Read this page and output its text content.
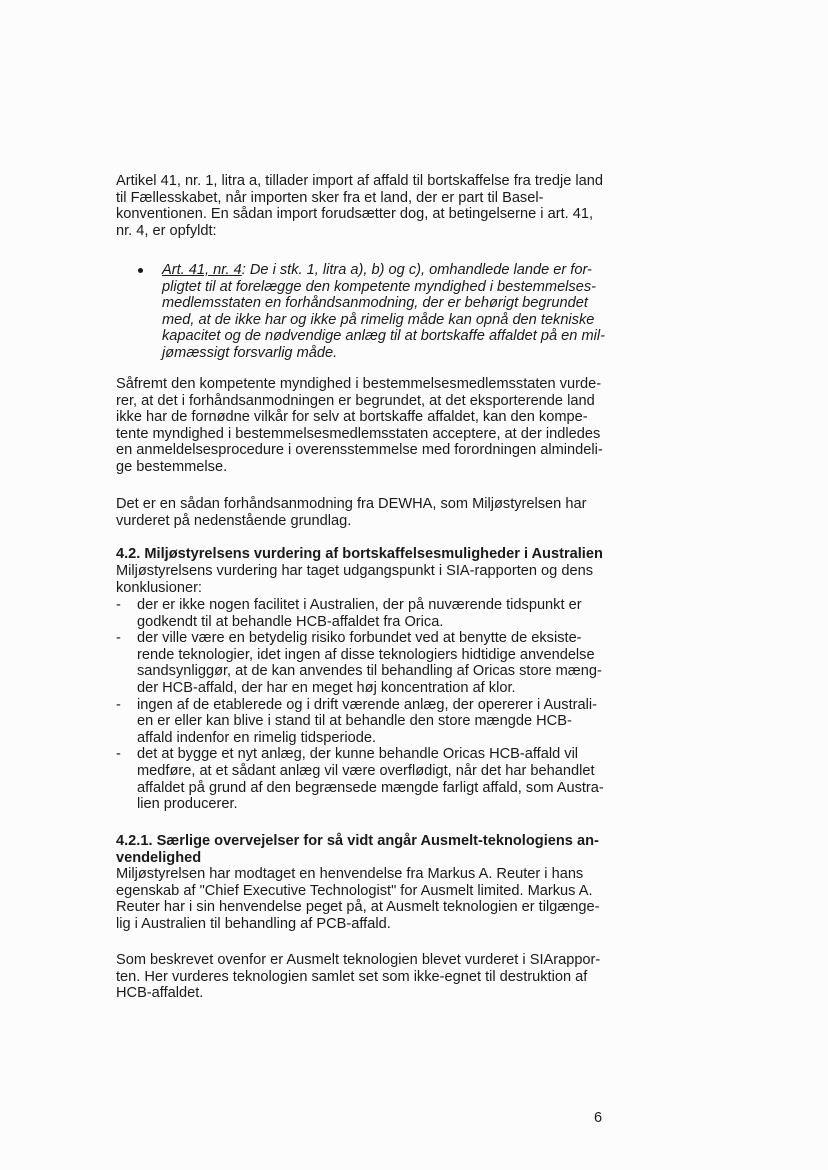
Artikel 41, nr. 1, litra a, tillader import af affald til bortskaffelse fra tredje land
til Fællesskabet, når importen sker fra et land, der er part til Basel-
konventionen. En sådan import forudsætter dog, at betingelserne i art. 41,
nr. 4, er opfyldt:

Art. 41, nr. 4: De i stk. 1, litra a), b) og c), omhandlede lande er for-
pligtet til at forelægge den kompetente myndighed i bestemmelses-
medlemsstaten en forhåndsanmodning, der er behørigt begrundet
med, at de ikke har og ikke på rimelig måde kan opnå den tekniske
kapacitet og de nødvendige anlæg til at bortskaffe affaldet på en mil-
jømæssigt forsvarlig måde.

Såfremt den kompetente myndighed i bestemmelsesmedlemsstaten vurde-
rer, at det i forhåndsanmodningen er begrundet, at det eksporterende land
ikke har de fornødne vilkår for selv at bortskaffe affaldet, kan den kompe-
tente myndighed i bestemmelsesmedlemsstaten acceptere, at der indledes
en anmeldelsesprocedure i overensstemmelse med forordningen almindeli-
ge bestemmelse.

Det er en sådan forhåndsanmodning fra DEWHA, som Miljøstyrelsen har
vurderet på nedenstående grundlag.

4.2. Miljøstyrelsens vurdering af bortskaffelsesmuligheder i Australien

Miljøstyrelsens vurdering har taget udgangspunkt i SIA-rapporten og dens
konklusioner:

- der er ikke nogen facilitet i Australien, der på nuværende tidspunkt er
godkendt til at behandle HCB-affaldet fra Orica.
- der ville være en betydelig risiko forbundet ved at benytte de eksiste-
rende teknologier, idet ingen af disse teknologiers hidtidige anvendelse
sandsynliggør, at de kan anvendes til behandling af Oricas store mæng-
der HCB-affald, der har en meget høj koncentration af klor.
- ingen af de etablerede og i drift værende anlæg, der opererer i Australi-
en er eller kan blive i stand til at behandle den store mængde HCB-
affald indenfor en rimelig tidsperiode.
- det at bygge et nyt anlæg, der kunne behandle Oricas HCB-affald vil
medføre, at et sådant anlæg vil være overflødigt, når det har behandlet
affaldet på grund af den begrænsede mængde farligt affald, som Austra-
lien producerer.
4.2.1. Særlige overvejelser for så vidt angår Ausmelt-teknologiens an-
vendelighed

Miljøstyrelsen har modtaget en henvendelse fra Markus A. Reuter i hans
egenskab af "Chief Executive Technologist" for Ausmelt limited. Markus A.
Reuter har i sin henvendelse peget på, at Ausmelt teknologien er tilgænge-
lig i Australien til behandling af PCB-affald.

Som beskrevet ovenfor er Ausmelt teknologien blevet vurderet i SIArappor-
ten. Her vurderes teknologien samlet set som ikke-egnet til destruktion af
HCB-affaldet.

6
